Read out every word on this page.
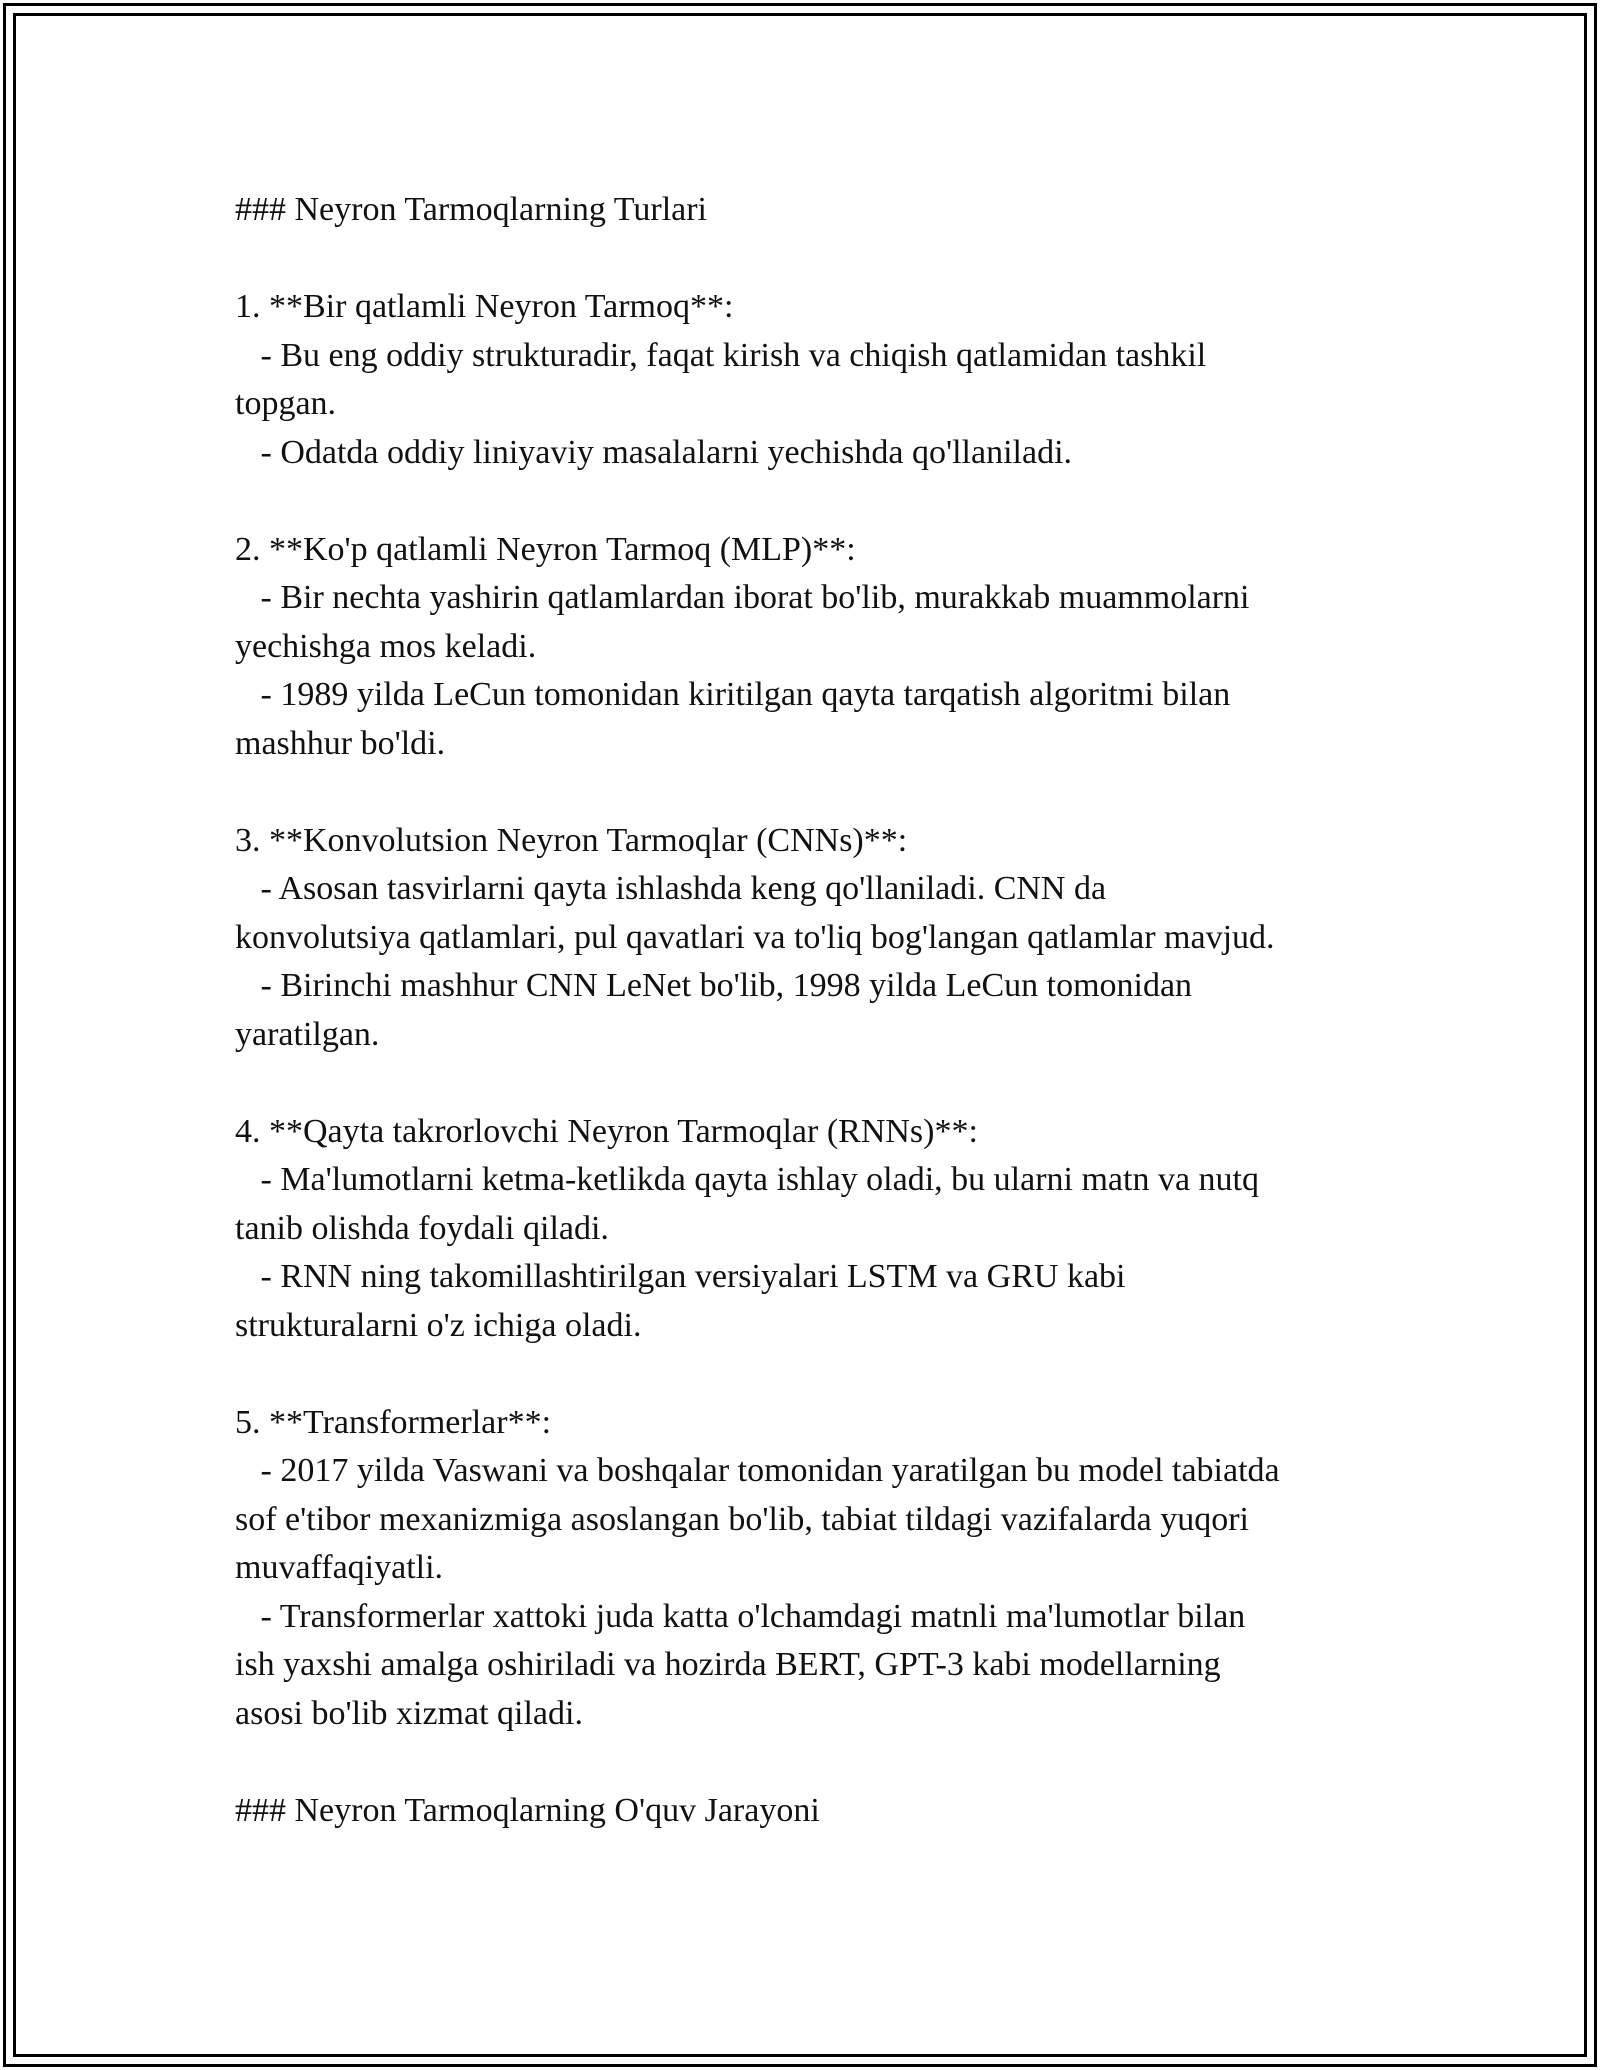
### Neyron Tarmoqlarning Turlari

1. **Bir qatlamli Neyron Tarmoq**:

- Bu eng oddiy strukturadir, faqat kirish va chiqish qatlamidan tashkil
topgan.

- Odatda oddiy liniyaviy masalalarni yechishda qo'llaniladi.

2. **Ko'p qatlamli Neyron Tarmoq (MLP)**:

- Bir nechta yashirin qatlamlardan iborat bo'lib, murakkab muammolarni
yechishga mos keladi.

- 1989 yilda LeCun tomonidan kiritilgan qayta tarqatish algoritmi bilan
mashhur bo'ldi.

3. **Konvolutsion Neyron Tarmoqlar (CNNs)**:

- Asosan tasvirlarni qayta ishlashda keng qo'llaniladi. CNN da
konvolutsiya qatlamlari, pul qavatlari va to'liq bog'langan qatlamlar mavjud.

- Birinchi mashhur CNN LeNet bo'lib, 1998 yilda LeCun tomonidan
yaratilgan.

4. **Qayta takrorlovchi Neyron Tarmoqlar (RNNs)**:

- Ma'lumotlarni ketma-ketlikda qayta ishlay oladi, bu ularni matn va nutq
tanib olishda foydali qiladi.

- RNN ning takomillashtirilgan versiyalari LSTM va GRU kabi
strukturalarni o'z ichiga oladi.

5. **Transformerlar**:

- 2017 yilda Vaswani va boshqalar tomonidan yaratilgan bu model tabiatda
sof e'tibor mexanizmiga asoslangan bo'lib, tabiat tildagi vazifalarda yuqori
muvaffaqiyatli.

- Transformerlar xattoki juda katta o'lchamdagi matnli ma'lumotlar bilan
ish yaxshi amalga oshiriladi va hozirda BERT, GPT-3 kabi modellarning
asosi bo'lib xizmat qiladi.

### Neyron Tarmoqlarning O'quv Jarayoni
